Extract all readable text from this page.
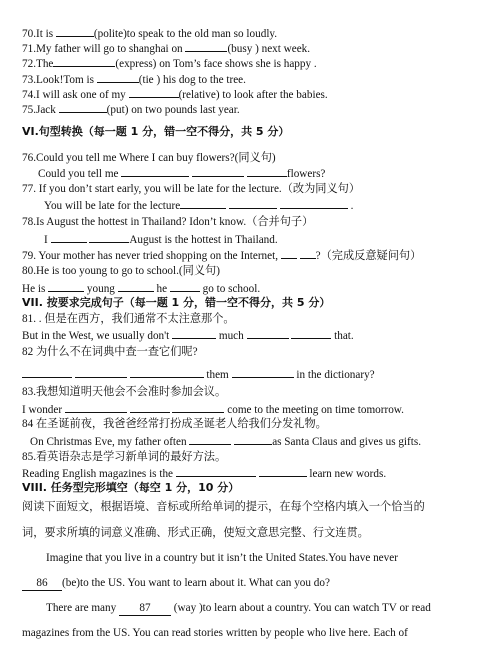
70.It is	(polite)to speak to the old man so loudly.
71.My father will go to shanghai on	(busy ) next week.
72.The	(express) on Tom’s face shows she is happy .
73.Look!Tom is	(tie ) his dog to the tree.
74.I will ask one of my	(relative) to look after the babies.
75.Jack	(put) on two pounds last year.
VI.句型转换（每一题 1 分，错一空不得分，共 5 分）
76.Could you tell me Where I can buy flowers?(同义句)
Could you tell me	flowers?
77. If you don’t start early, you will be late for the lecture.（改为同义句）
You will be late for the lecture	.
78.Is August the hottest in Thailand? Idon’t know.（合并句子）
I	August is the hottest in Thailand.
79. Your mother has never tried shopping on the Internet,	?（完成反意疑问句）
80.He is too young to go to school.(同义句)
He is	young	he	go to school.
VII. 按要求完成句子（每一题 1 分，错一空不得分，共 5 分）
81. . 但是在西方，我们通常不太注意那个。
But in the West, we usually don't	much	that.
82 为什么不在词典中查一查它们呢?
them	in the dictionary?
83.我想知道明天他会不会准时参加会议。
I wonder	come to the meeting on time tomorrow.
84 在圣诞前夜，我爸爸经常打扮成圣诞老人给我们分发礼物。
On Christmas Eve, my father often	as Santa Claus and gives us gifts.
85.看英语杂志是学习新单词的最好方法。
Reading English magazines is the	learn new words.
VIII. 任务型完形填空（每空 1 分，10 分）
阅读下面短文，根据语境、音标或所给单词的提示，在每个空格内填入一个恰当的
词，要求所填的词意义准确、形式正确，使短文意思完整、行文连贯。
Imagine that you live in a country but it isn’t the United States.You have never
86 (be)to the US. You want to learn about it. What can you do?
There are many 87 (way )to learn about a country. You can watch TV or read
magazines from the US. You can read stories written by people who live here. Each of
